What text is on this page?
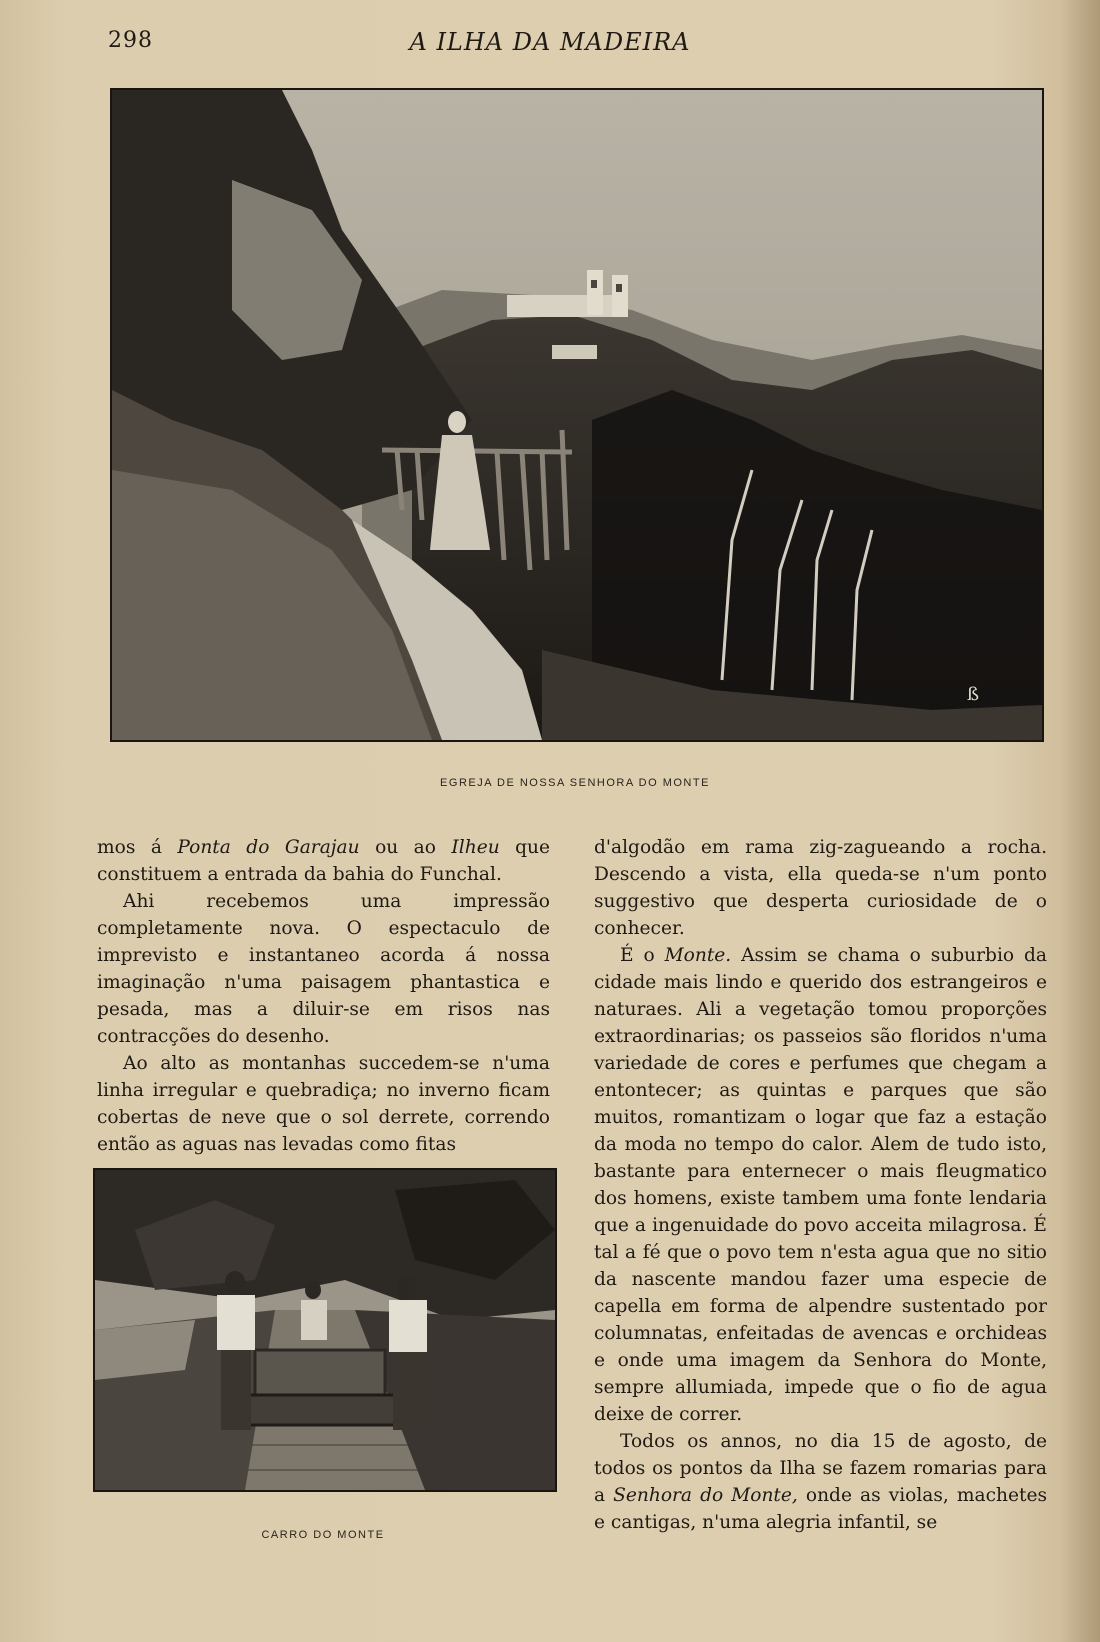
298	A ILHA DA MADEIRA
ß
EGREJA DE NOSSA SENHORA DO MONTE

mos á Ponta do Garajau ou ao Ilheu que constituem a entrada da bahia do Funchal.

Ahi recebemos uma impressão completamente nova. O espectaculo de imprevisto e instantaneo acorda á nossa imaginação n'uma paisagem phantastica e pesada, mas a diluir-se em risos nas contracções do desenho.

Ao alto as montanhas succedem-se n'uma linha irregular e quebradiça; no inverno ficam cobertas de neve que o sol derrete, correndo então as aguas nas levadas como fitas

CARRO DO MONTE

d'algodão em rama zig-zagueando a rocha. Descendo a vista, ella queda-se n'um ponto suggestivo que desperta curiosidade de o conhecer.

É o Monte. Assim se chama o suburbio da cidade mais lindo e querido dos estrangeiros e naturaes. Ali a vegetação tomou proporções extraordinarias; os passeios são floridos n'uma variedade de cores e perfumes que chegam a entontecer; as quintas e parques que são muitos, romantizam o logar que faz a estação da moda no tempo do calor. Alem de tudo isto, bastante para enternecer o mais fleugmatico dos homens, existe tambem uma fonte lendaria que a ingenuidade do povo acceita milagrosa. É tal a fé que o povo tem n'esta agua que no sitio da nascente mandou fazer uma especie de capella em forma de alpendre sustentado por columnatas, enfeitadas de avencas e orchideas e onde uma imagem da Senhora do Monte, sempre allumiada, impede que o fio de agua deixe de correr.

Todos os annos, no dia 15 de agosto, de todos os pontos da Ilha se fazem romarias para a Senhora do Monte, onde as violas, machetes e cantigas, n'uma alegria infantil, se
